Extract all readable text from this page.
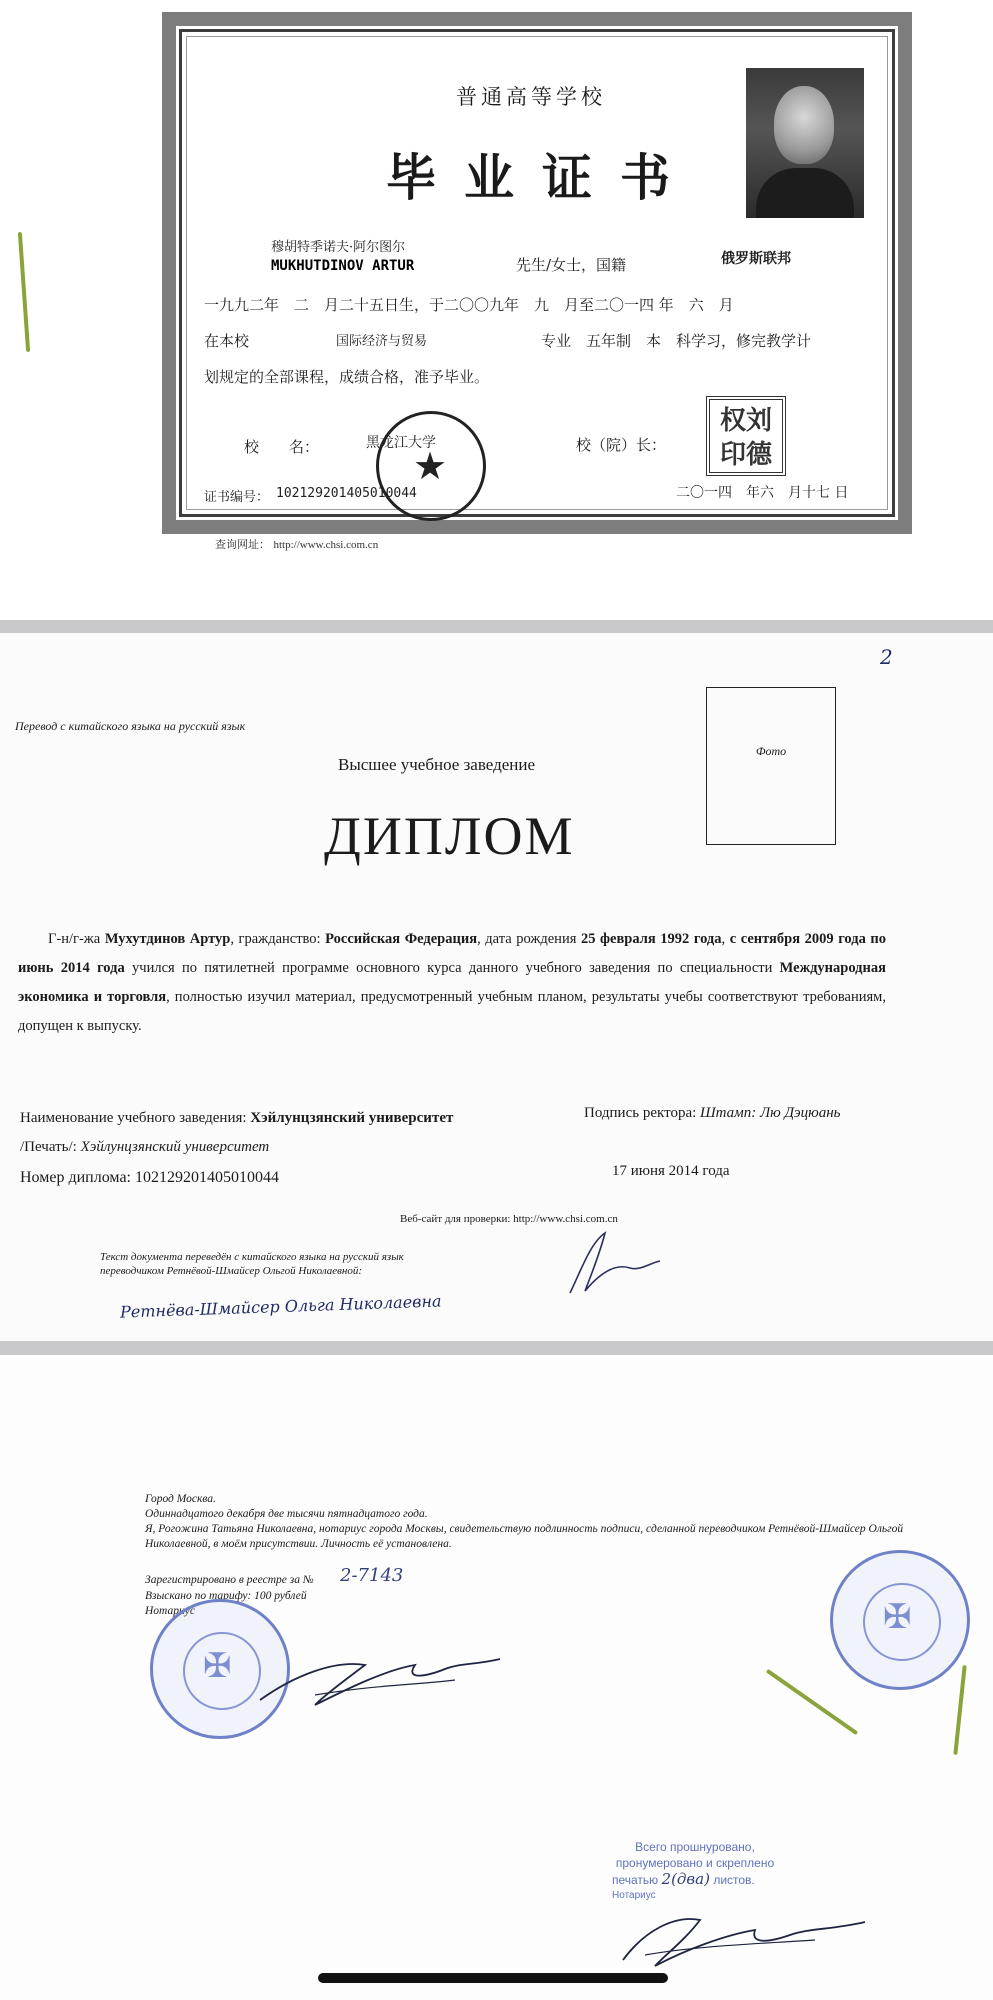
普通高等学校
毕业证书
穆胡特季诺夫·阿尔图尔
MUKHUTDINOV ARTUR	先生/女士，国籍	俄罗斯联邦
一九九二年　二　月二十五日生，于二〇〇九年　九　月至二〇一四 年　六　月
在本校	国际经济与贸易	专业　五年制　本　科学习，修完教学计
划规定的全部课程，成绩合格，准予毕业。
校　　名： ★
黑龙江大学	校（院）长：
权刘印德
证书编号： 102129201405010044	二〇一四　年六　月十七 日
查询网址： http://www.chsi.com.cn
2
Перевод с китайского языка на русский язык
Фото
Высшее учебное заведение
ДИПЛОМ
Г-н/г-жа Мухутдинов Артур, гражданство: Российская Федерация, дата рождения 25 февраля 1992 года, с сентября 2009 года по июнь 2014 года учился по пятилетней программе основного курса данного учебного заведения по специальности Международная экономика и торговля, полностью изучил материал, предусмотренный учебным планом, результаты учебы соответствуют требованиям, допущен к выпуску.
Наименование учебного заведения: Хэйлунцзянский университет	Подпись ректора: Штамп: Лю Дэцюань
/Печать/: Хэйлунцзянский университет
Номер диплома: 102129201405010044	17 июня 2014 года
Веб-сайт для проверки: http://www.chsi.com.cn
Текст документа переведён с китайского языка на русский язык
переводчиком Ретнёвой-Шмайсер Ольгой Николаевной:
Ретнёва-Шмайсер Ольга Николаевна
Город Москва.
Одиннадцатого декабря две тысячи пятнадцатого года.
Я, Рогожина Татьяна Николаевна, нотариус города Москвы, свидетельствую подлинность подписи, сделанной переводчиком Ретнёвой-Шмайсер Ольгой Николаевной, в моём присутствии. Личность её установлена.
Зарегистрировано в реестре за № 2-7143
Взыскано по тарифу: 100 рублей
Нотариус
✠
✠
Всего прошнуровано,
пронумеровано и скреплено
печатью 2(два) листов.
Нотариус
